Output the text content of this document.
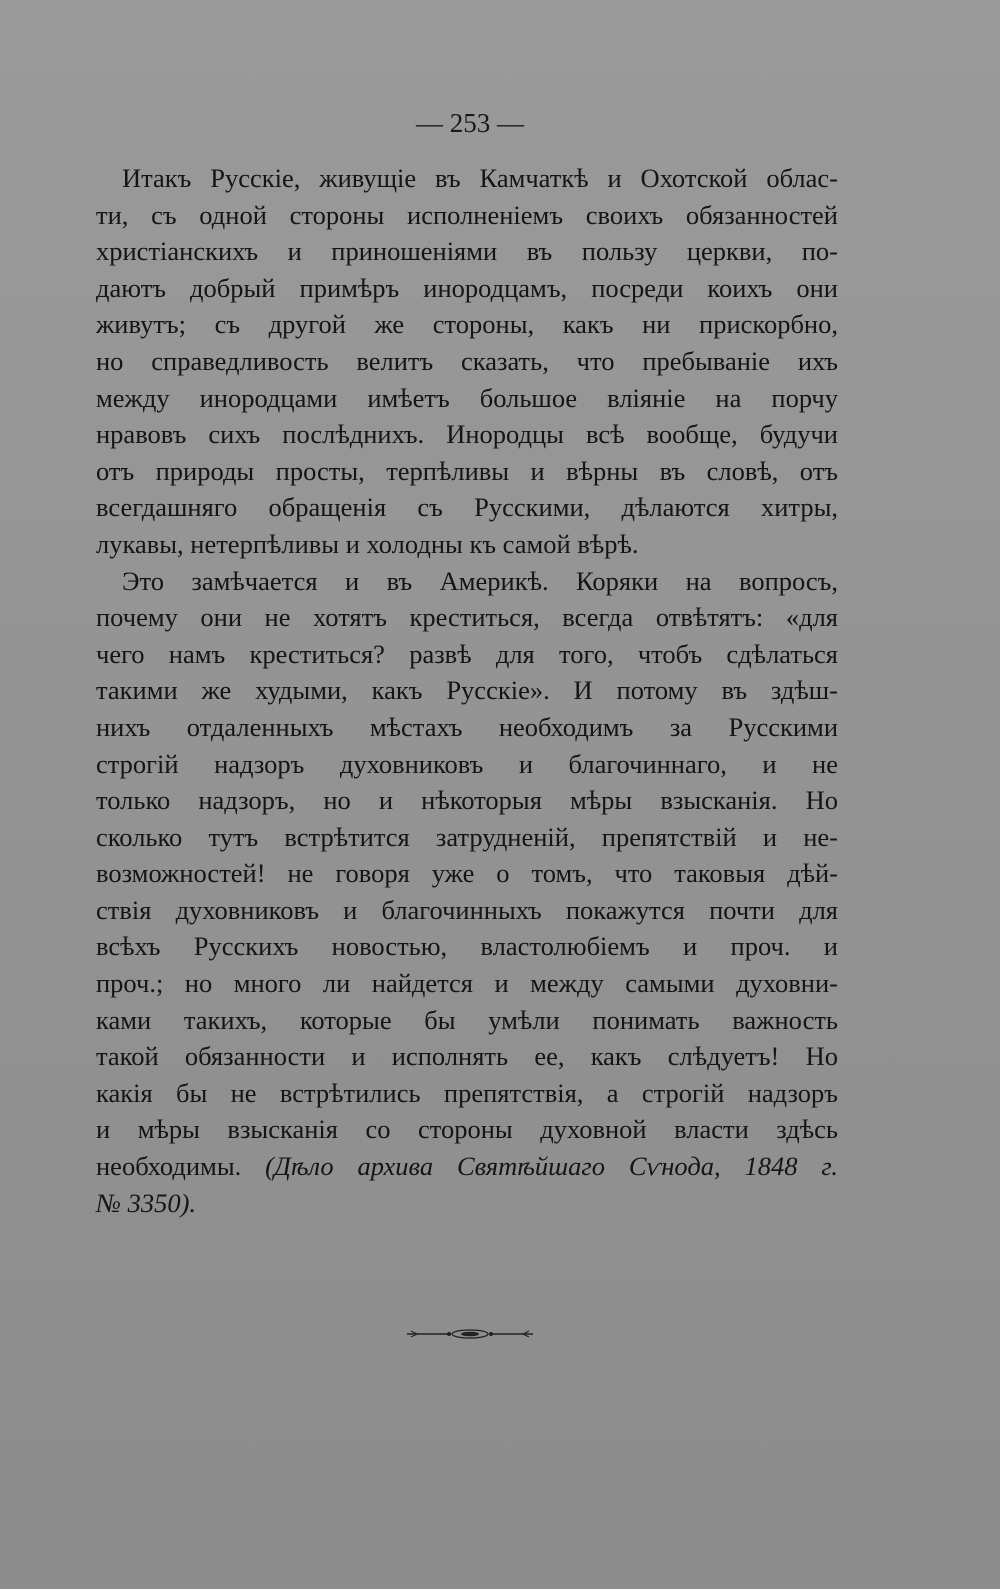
— 253 —
Итакъ Русскіе, живущіе въ Камчаткѣ и Охотской облас-
ти, съ одной стороны исполненіемъ своихъ обязанностей
христіанскихъ и приношеніями въ пользу церкви, по-
даютъ добрый примѣръ инородцамъ, посреди коихъ они
живутъ; съ другой же стороны, какъ ни прискорбно,
но справедливость велитъ сказать, что пребываніе ихъ
между инородцами имѣетъ большое вліяніе на порчу
нравовъ сихъ послѣднихъ. Инородцы всѣ вообще, будучи
отъ природы просты, терпѣливы и вѣрны въ словѣ, отъ
всегдашняго обращенія съ Русскими, дѣлаются хитры,
лукавы, нетерпѣливы и холодны къ самой вѣрѣ.
Это замѣчается и въ Америкѣ. Коряки на вопросъ,
почему они не хотятъ креститься, всегда отвѣтятъ: «для
чего намъ креститься? развѣ для того, чтобъ сдѣлаться
такими же худыми, какъ Русскіе». И потому въ здѣш-
нихъ отдаленныхъ мѣстахъ необходимъ за Русскими
строгій надзоръ духовниковъ и благочиннаго, и не
только надзоръ, но и нѣкоторыя мѣры взысканія. Но
сколько тутъ встрѣтится затрудненій, препятствій и не-
возможностей! не говоря уже о томъ, что таковыя дѣй-
ствія духовниковъ и благочинныхъ покажутся почти для
всѣхъ Русскихъ новостью, властолюбіемъ и проч. и
проч.; но много ли найдется и между самыми духовни-
ками такихъ, которые бы умѣли понимать важность
такой обязанности и исполнять ее, какъ слѣдуетъ! Но
какія бы не встрѣтились препятствія, а строгій надзоръ
и мѣры взысканія со стороны духовной власти здѣсь
необходимы. (Дѣло архива Святѣйшаго Сѵнода, 1848 г.
№ 3350).
